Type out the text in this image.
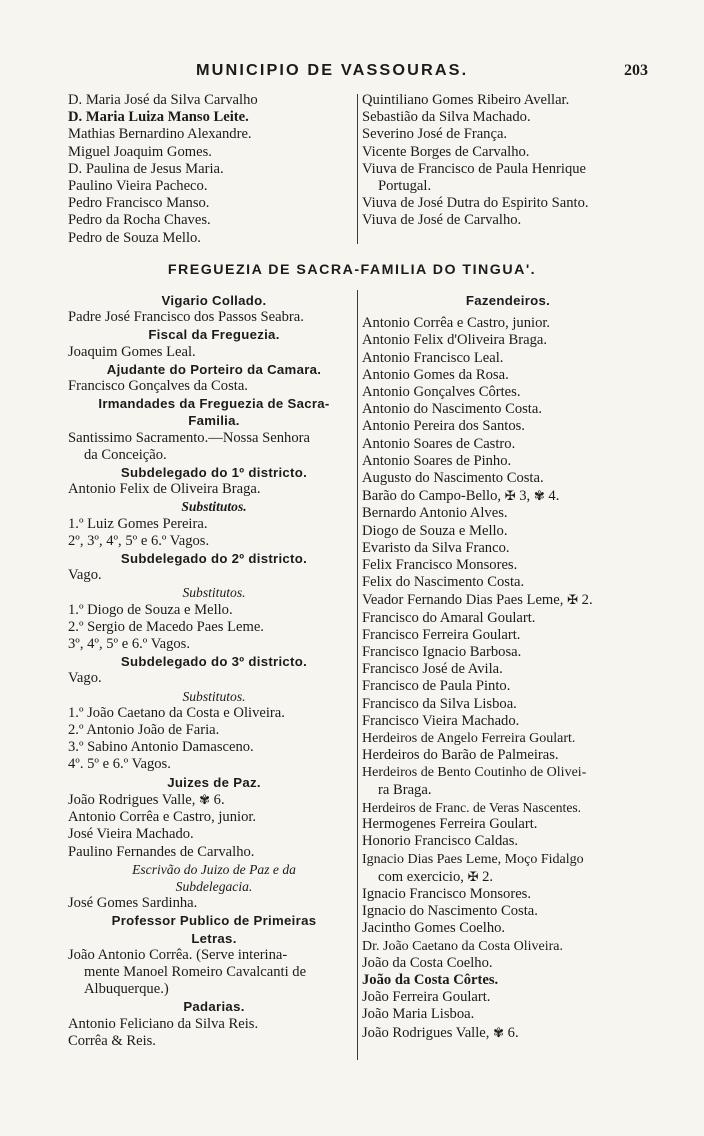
MUNICIPIO DE VASSOURAS.	203
D. Maria José da Silva Carvalho
D. Maria Luiza Manso Leite.
Mathias Bernardino Alexandre.
Miguel Joaquim Gomes.
D. Paulina de Jesus Maria.
Paulino Vieira Pacheco.
Pedro Francisco Manso.
Pedro da Rocha Chaves.
Pedro de Souza Mello.
Quintiliano Gomes Ribeiro Avellar.
Sebastião da Silva Machado.
Severino José de França.
Vicente Borges de Carvalho.
Viuva de Francisco de Paula Henrique
Portugal.
Viuva de José Dutra do Espirito Santo.
Viuva de José de Carvalho.
FREGUEZIA DE SACRA-FAMILIA DO TINGUA'.
Vigario Collado.
Padre José Francisco dos Passos Seabra.
Fiscal da Freguezia.
Joaquim Gomes Leal.
Ajudante do Porteiro da Camara.
Francisco Gonçalves da Costa.
Irmandades da Freguezia de Sacra-
Familia.
Santissimo Sacramento.—Nossa Senhora
da Conceição.
Subdelegado do 1º districto.
Antonio Felix de Oliveira Braga.
Substitutos.
1.º Luiz Gomes Pereira.
2º, 3º, 4º, 5º e 6.º Vagos.
Subdelegado do 2º districto.
Vago.
Substitutos.
1.º Diogo de Souza e Mello.
2.º Sergio de Macedo Paes Leme.
3º, 4º, 5º e 6.º Vagos.
Subdelegado do 3º districto.
Vago.
Substitutos.
1.º João Caetano da Costa e Oliveira.
2.º Antonio João de Faria.
3.º Sabino Antonio Damasceno.
4º. 5º e 6.º Vagos.
Juizes de Paz.
João Rodrigues Valle, ✾ 6.
Antonio Corrêa e Castro, junior.
José Vieira Machado.
Paulino Fernandes de Carvalho.
Escrivão do Juizo de Paz e da
Subdelegacia.
José Gomes Sardinha.
Professor Publico de Primeiras
Letras.
João Antonio Corrêa. (Serve interina-
mente Manoel Romeiro Cavalcanti de
Albuquerque.)
Padarias.
Antonio Feliciano da Silva Reis.
Corrêa & Reis.
Fazendeiros.
Antonio Corrêa e Castro, junior.
Antonio Felix d'Oliveira Braga.
Antonio Francisco Leal.
Antonio Gomes da Rosa.
Antonio Gonçalves Côrtes.
Antonio do Nascimento Costa.
Antonio Pereira dos Santos.
Antonio Soares de Castro.
Antonio Soares de Pinho.
Augusto do Nascimento Costa.
Barão do Campo-Bello, ✠ 3, ✾ 4.
Bernardo Antonio Alves.
Diogo de Souza e Mello.
Evaristo da Silva Franco.
Felix Francisco Monsores.
Felix do Nascimento Costa.
Veador Fernando Dias Paes Leme, ✠ 2.
Francisco do Amaral Goulart.
Francisco Ferreira Goulart.
Francisco Ignacio Barbosa.
Francisco José de Avila.
Francisco de Paula Pinto.
Francisco da Silva Lisboa.
Francisco Vieira Machado.
Herdeiros de Angelo Ferreira Goulart.
Herdeiros do Barão de Palmeiras.
Herdeiros de Bento Coutinho de Olivei-
ra Braga.
Herdeiros de Franc. de Veras Nascentes.
Hermogenes Ferreira Goulart.
Honorio Francisco Caldas.
Ignacio Dias Paes Leme, Moço Fidalgo
com exercicio, ✠ 2.
Ignacio Francisco Monsores.
Ignacio do Nascimento Costa.
Jacintho Gomes Coelho.
Dr. João Caetano da Costa Oliveira.
João da Costa Coelho.
João da Costa Côrtes.
João Ferreira Goulart.
João Maria Lisboa.
João Rodrigues Valle, ✾ 6.
